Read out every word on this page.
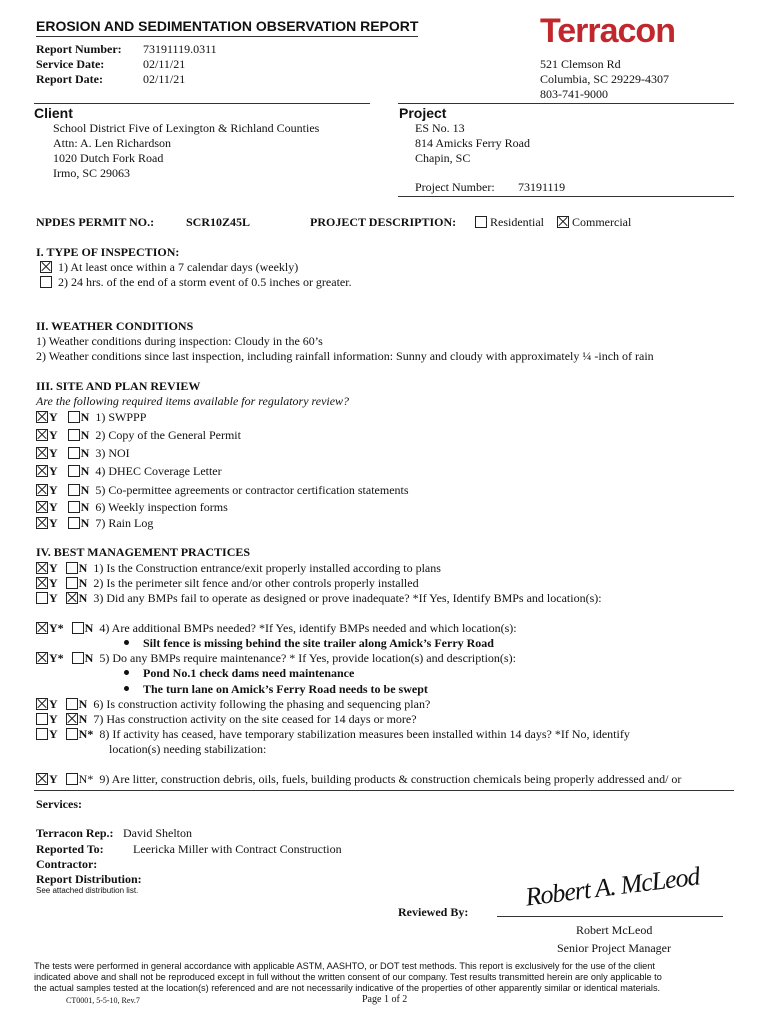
EROSION AND SEDIMENTATION OBSERVATION REPORT
Report Number: 73191119.0311
Service Date:	02/11/21
Report Date:	02/11/21
Terracon
521 Clemson Rd
Columbia, SC 29229-4307
803-741-9000
Client
School District Five of Lexington & Richland Counties
Attn: A. Len Richardson
1020 Dutch Fork Road
Irmo, SC 29063
Project
ES No. 13
814 Amicks Ferry Road
Chapin, SC
Project Number: 73191119
NPDES PERMIT NO.:	SCR10Z45L	PROJECT DESCRIPTION:	Residential	Commercial
I. TYPE OF INSPECTION:
1) At least once within a 7 calendar days (weekly)
2) 24 hrs. of the end of a storm event of 0.5 inches or greater.
II. WEATHER CONDITIONS
1) Weather conditions during inspection: Cloudy in the 60’s
2) Weather conditions since last inspection, including rainfall information: Sunny and cloudy with approximately ¼ -inch of rain
III. SITE AND PLAN REVIEW
Are the following required items available for regulatory review?
Y N 1) SWPPP
Y N 2) Copy of the General Permit
Y N 3) NOI
Y N 4) DHEC Coverage Letter
Y N 5) Co-permittee agreements or contractor certification statements
Y N 6) Weekly inspection forms
Y N 7) Rain Log
IV. BEST MANAGEMENT PRACTICES
Y N 1) Is the Construction entrance/exit properly installed according to plans
Y N 2) Is the perimeter silt fence and/or other controls properly installed
Y N 3) Did any BMPs fail to operate as designed or prove inadequate? *If Yes, Identify BMPs and location(s):
Y* N 4) Are additional BMPs needed? *If Yes, identify BMPs needed and which location(s):
Silt fence is missing behind the site trailer along Amick’s Ferry Road
Y* N 5) Do any BMPs require maintenance? * If Yes, provide location(s) and description(s):
Pond No.1 check dams need maintenance
The turn lane on Amick’s Ferry Road needs to be swept
Y N 6) Is construction activity following the phasing and sequencing plan?
Y N 7) Has construction activity on the site ceased for 14 days or more?
Y N* 8) If activity has ceased, have temporary stabilization measures been installed within 14 days? *If No, identify
location(s) needing stabilization:
Y N* 9) Are litter, construction debris, oils, fuels, building products & construction chemicals being properly addressed and/ or
Services:
Terracon Rep.: David Shelton
Reported To: Leericka Miller with Contract Construction
Contractor:
Report Distribution:
See attached distribution list.
Reviewed By:
Robert A. McLeod
Robert McLeod
Senior Project Manager
The tests were performed in general accordance with applicable ASTM, AASHTO, or DOT test methods. This report is exclusively for the use of the client
indicated above and shall not be reproduced except in full without the written consent of our company. Test results transmitted herein are only applicable to
the actual samples tested at the location(s) referenced and are not necessarily indicative of the properties of other apparently similar or identical materials.
CT0001, 5-5-10, Rev.7	Page 1 of 2
